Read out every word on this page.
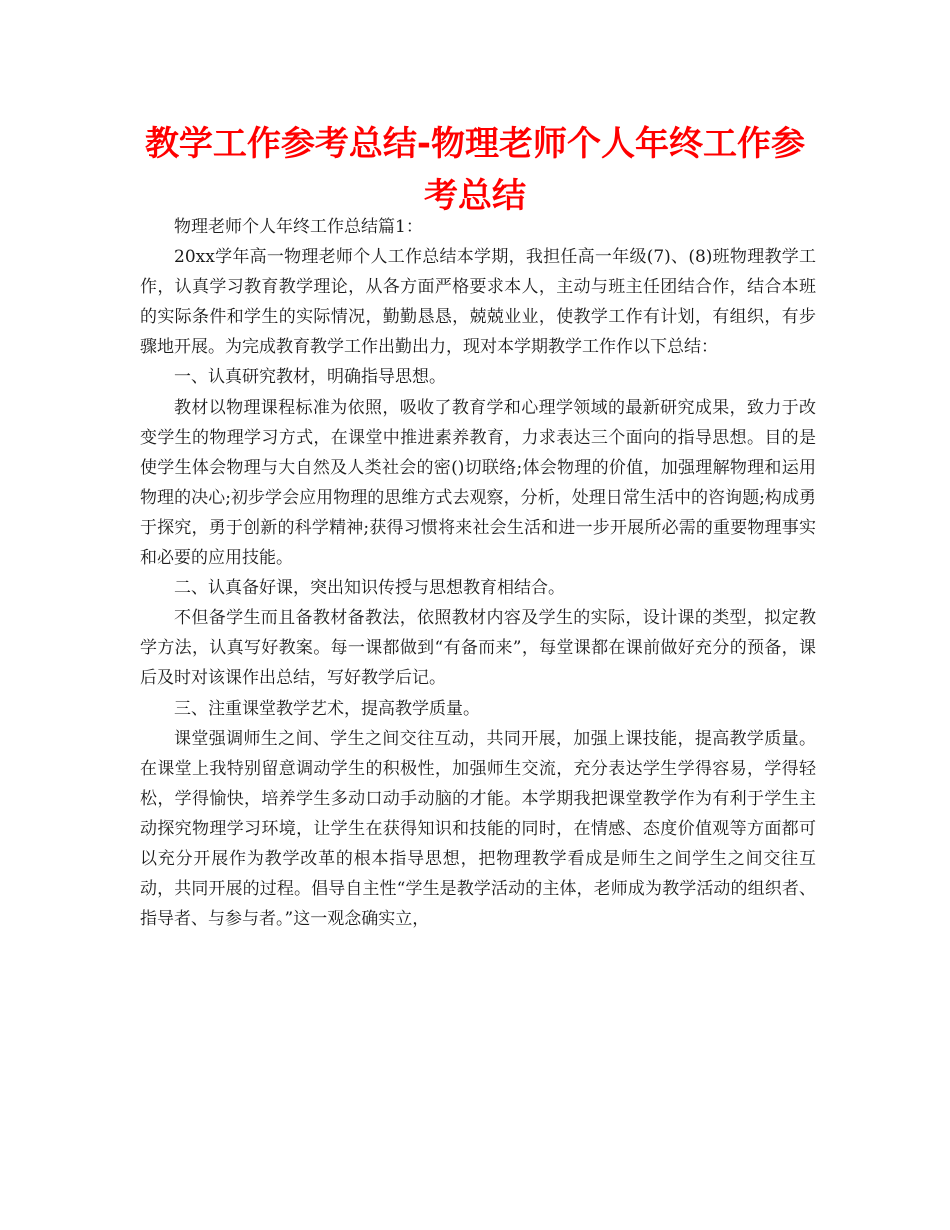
教学工作参考总结-物理老师个人年终工作参考总结

物理老师个人年终工作总结篇1：

20xx学年高一物理老师个人工作总结本学期，我担任高一年级(7)、(8)班物理教学工作，认真学习教育教学理论，从各方面严格要求本人，主动与班主任团结合作，结合本班的实际条件和学生的实际情况，勤勤恳恳，兢兢业业，使教学工作有计划，有组织，有步骤地开展。为完成教育教学工作出勤出力，现对本学期教学工作作以下总结：

一、认真研究教材，明确指导思想。

教材以物理课程标准为依照，吸收了教育学和心理学领域的最新研究成果，致力于改变学生的物理学习方式，在课堂中推进素养教育，力求表达三个面向的指导思想。目的是使学生体会物理与大自然及人类社会的密()切联络;体会物理的价值，加强理解物理和运用物理的决心;初步学会应用物理的思维方式去观察，分析，处理日常生活中的咨询题;构成勇于探究，勇于创新的科学精神;获得习惯将来社会生活和进一步开展所必需的重要物理事实和必要的应用技能。

二、认真备好课，突出知识传授与思想教育相结合。

不但备学生而且备教材备教法，依照教材内容及学生的实际，设计课的类型，拟定教学方法，认真写好教案。每一课都做到“有备而来”，每堂课都在课前做好充分的预备，课后及时对该课作出总结，写好教学后记。

三、注重课堂教学艺术，提高教学质量。

课堂强调师生之间、学生之间交往互动，共同开展，加强上课技能，提高教学质量。在课堂上我特别留意调动学生的积极性，加强师生交流，充分表达学生学得容易，学得轻松，学得愉快，培养学生多动口动手动脑的才能。本学期我把课堂教学作为有利于学生主动探究物理学习环境，让学生在获得知识和技能的同时，在情感、态度价值观等方面都可以充分开展作为教学改革的根本指导思想，把物理教学看成是师生之间学生之间交往互动，共同开展的过程。倡导自主性“学生是教学活动的主体，老师成为教学活动的组织者、指导者、与参与者。”这一观念确实立，
